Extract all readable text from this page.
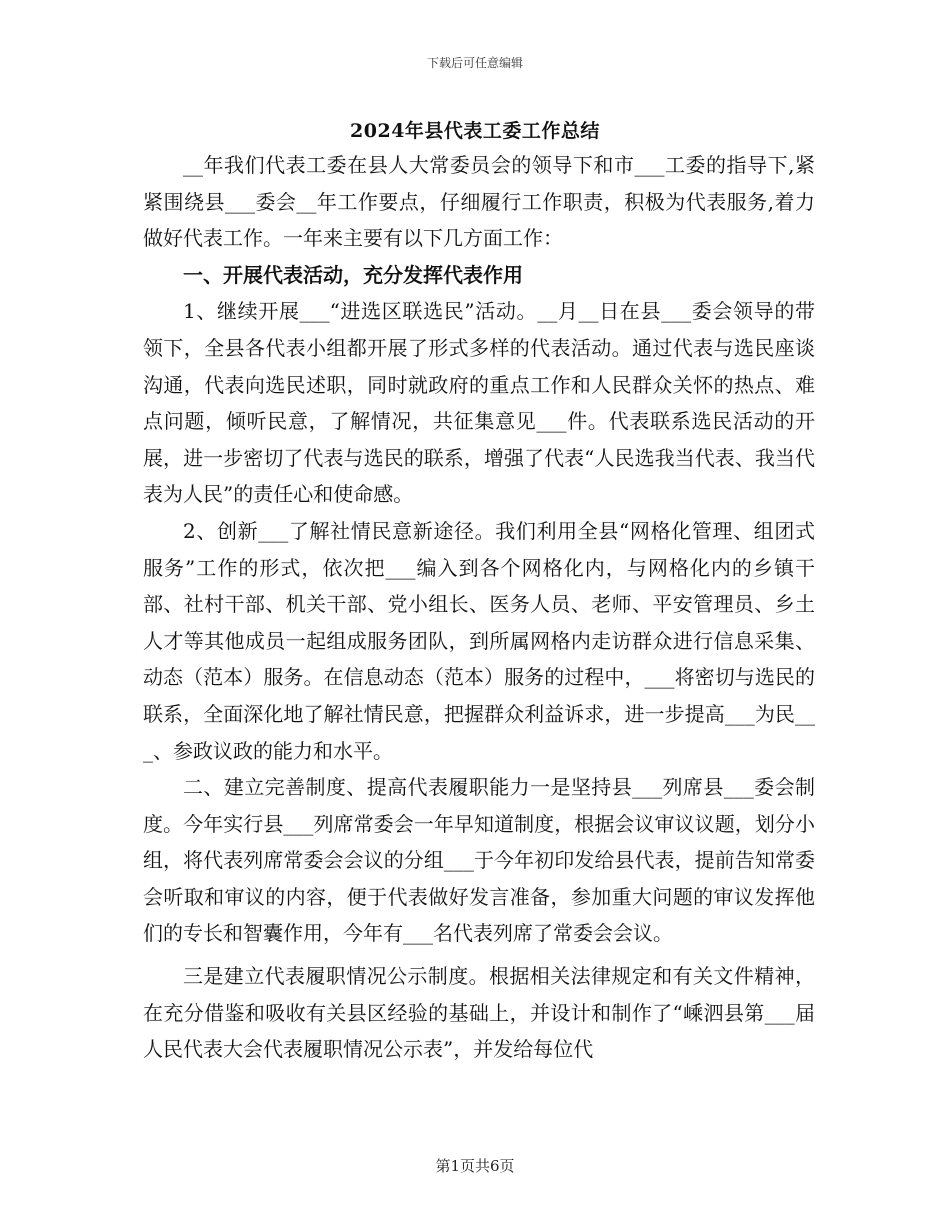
下载后可任意编辑
2024年县代表工委工作总结

__年我们代表工委在县人大常委员会的领导下和市___工委的指导下,紧紧围绕县___委会__年工作要点，仔细履行工作职责，积极为代表服务,着力做好代表工作。一年来主要有以下几方面工作：

一、开展代表活动，充分发挥代表作用

1、继续开展___“进选区联选民”活动。__月__日在县___委会领导的带领下，全县各代表小组都开展了形式多样的代表活动。通过代表与选民座谈沟通，代表向选民述职，同时就政府的重点工作和人民群众关怀的热点、难点问题，倾听民意，了解情况，共征集意见___件。代表联系选民活动的开展，进一步密切了代表与选民的联系，增强了代表“人民选我当代表、我当代表为人民”的责任心和使命感。

2、创新___了解社情民意新途径。我们利用全县“网格化管理、组团式服务”工作的形式，依次把___编入到各个网格化内，与网格化内的乡镇干部、社村干部、机关干部、党小组长、医务人员、老师、平安管理员、乡土人才等其他成员一起组成服务团队，到所属网格内走访群众进行信息采集、动态（范本）服务。在信息动态（范本）服务的过程中，___将密切与选民的联系，全面深化地了解社情民意，把握群众利益诉求，进一步提高___为民___、参政议政的能力和水平。

二、建立完善制度、提高代表履职能力一是坚持县___列席县___委会制度。今年实行县___列席常委会一年早知道制度，根据会议审议议题，划分小组，将代表列席常委会会议的分组___于今年初印发给县代表，提前告知常委会听取和审议的内容，便于代表做好发言准备，参加重大问题的审议发挥他们的专长和智囊作用，今年有___名代表列席了常委会会议。

三是建立代表履职情况公示制度。根据相关法律规定和有关文件精神，在充分借鉴和吸收有关县区经验的基础上，并设计和制作了“嵊泗县第___届人民代表大会代表履职情况公示表”，并发给每位代

第1页共6页
